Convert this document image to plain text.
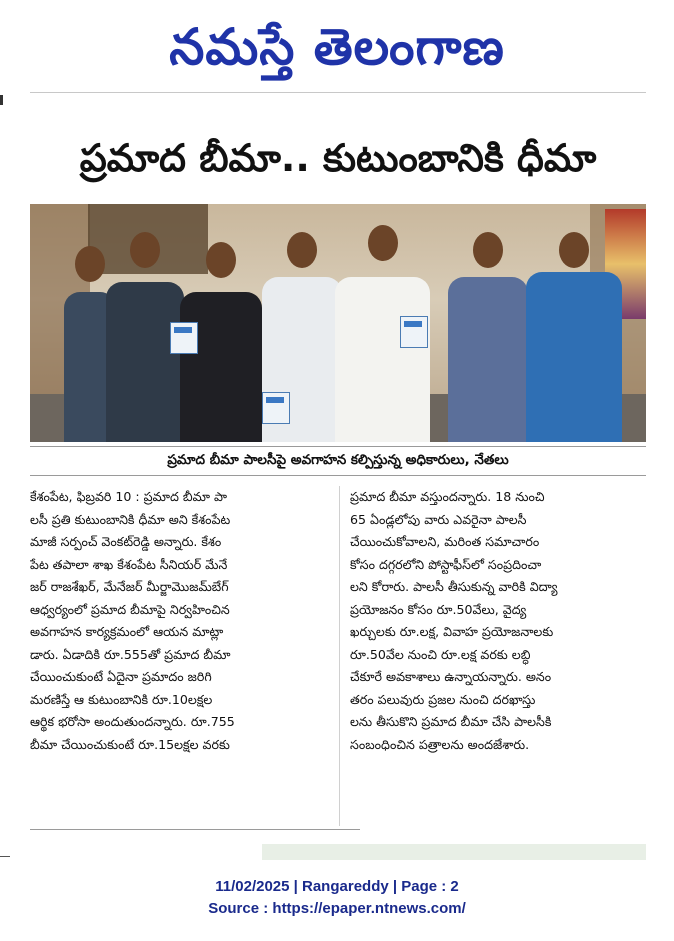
నమస్తే తెలంగాణ
ప్రమాద బీమా.. కుటుంబానికి ధీమా
ప్రమాద బీమా పాలసీపై అవగాహన కల్పిస్తున్న అధికారులు, నేతలు
కేశంపేట, ఫిబ్రవరి 10 : ప్రమాద బీమా పా
లసీ ప్రతి కుటుంబానికి ధీమా అని కేశంపేట
మాజీ సర్పంచ్ వెంకట్‌రెడ్డి అన్నారు. కేశం
పేట తపాలా శాఖ కేశంపేట సీనియర్ మేనే
జర్ రాజశేఖర్, మేనేజర్ మీర్జామొజమ్‌బేగ్
ఆధ్వర్యంలో ప్రమాద బీమాపై నిర్వహించిన
అవగాహన కార్యక్రమంలో ఆయన మాట్లా
డారు. ఏడాదికి రూ.555తో ప్రమాద బీమా
చేయించుకుంటే ఏదైనా ప్రమాదం జరిగి
మరణిస్తే ఆ కుటుంబానికి రూ.10లక్షల
ఆర్థిక భరోసా అందుతుందన్నారు. రూ.755
బీమా చేయించుకుంటే రూ.15లక్షల వరకు
ప్రమాద బీమా వస్తుందన్నారు. 18 నుంచి
65 ఏండ్లలోపు వారు ఎవరైనా పాలసీ
చేయించుకోవాలని, మరింత సమాచారం
కోసం దగ్గరలోని పోస్టాఫీస్‌లో సంప్రదించా
లని కోరారు. పాలసీ తీసుకున్న వారికి విద్యా
ప్రయోజనం కోసం రూ.50వేలు, వైద్య
ఖర్చులకు రూ.లక్ష, వివాహ ప్రయోజనాలకు
రూ.50వేల నుంచి రూ.లక్ష వరకు లబ్ధి
చేకూరే అవకాశాలు ఉన్నాయన్నారు. అనం
తరం పలువురు ప్రజల నుంచి దరఖాస్తు
లను తీసుకొని ప్రమాద బీమా చేసి పాలసీకి
సంబంధించిన పత్రాలను అందజేశారు.
11/02/2025 | Rangareddy | Page : 2
Source : https://epaper.ntnews.com/
